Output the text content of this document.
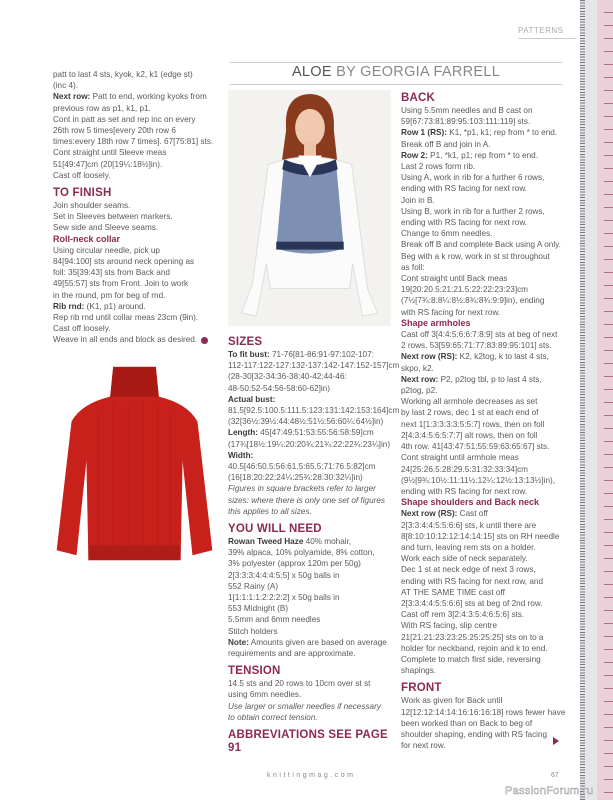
PATTERNS
ALOE BY GEORGIA FARRELL
patt to last 4 sts, kyok, k2, k1 (edge st)
(inc 4).
Next row: Patt to end, working kyoks from
previous row as p1, k1, p1.
Cont in patt as set and rep inc on every
26th row 5 times[every 20th row 6
times:every 18th row 7 times]. 67[75:81] sts.
Cont straight until Sleeve meas
51[49:47]cm (20[19¼:18½]in).
Cast off loosely.
TO FINISH
Join shoulder seams.
Set in Sleeves between markers.
Sew side and Sleeve seams.
Roll-neck collar
Using circular needle, pick up
84[94:100] sts around neck opening as
foll: 35[39:43] sts from Back and
49[55:57] sts from Front. Join to work
in the round, pm for beg of rnd.
Rib rnd: (K1, p1) around.
Rep rib rnd until collar meas 23cm (9in).
Cast off loosely.
Weave in all ends and block as desired.	SIZES
To fit bust: 71-76[81-86:91-97:102-107:
112-117:122-127:132-137:142-147:152-157]cm
(28-30[32-34:36-38:40-42:44-46:
48-50:52-54:56-58:60-62]in)
Actual bust:
81.5[92.5:100.5:111.5:123:131:142:153:164]cm
(32[36½:39½:44:48½:51½:56:60¼:64½]in)
Length: 45[47:49:51:53:55:56:58:59]cm
(17¾[18½:19¼:20:20¾:21¾:22:22¾:23¼]in)
Width:
40.5[46:50.5:56:61.5:65.5:71:76.5:82]cm
(16[18:20:22:24¼:25¾:28:30:32¼]in)
Figures in square brackets refer to larger
sizes: where there is only one set of figures
this applies to all sizes.
YOU WILL NEED
Rowan Tweed Haze 40% mohair,
39% alpaca, 10% polyamide, 8% cotton,
3% polyester (approx 120m per 50g)
2[3:3:3:4:4:4:5:5] x 50g balls in
552 Rainy (A)
1[1:1:1:1:2:2:2:2] x 50g balls in
553 Midnight (B)
5.5mm and 6mm needles
Stitch holders
Note: Amounts given are based on average
requirements and are approximate.
TENSION
14.5 sts and 20 rows to 10cm over st st
using 6mm needles.
Use larger or smaller needles if necessary
to obtain correct tension.
ABBREVIATIONS SEE PAGE 91
BACK
Using 5.5mm needles and B cast on
59[67:73:81:89:95:103:111:119] sts.
Row 1 (RS): K1, *p1, k1; rep from * to end.
Break off B and join in A.
Row 2: P1, *k1, p1; rep from * to end.
Last 2 rows form rib.
Using A, work in rib for a further 6 rows,
ending with RS facing for next row.
Join in B.
Using B, work in rib for a further 2 rows,
ending with RS facing for next row.
Change to 6mm needles.
Break off B and complete Back using A only.
Beg with a k row, work in st st throughout
as foll:
Cont straight until Back meas
19[20:20.5:21:21.5:22:22:23:23]cm
(7½[7¾:8:8¼:8½:8¾:8¾:9:9]in), ending
with RS facing for next row.
Shape armholes
Cast off 3[4:4:5:6:6:7:8:9] sts at beg of next
2 rows. 53[59:65:71:77:83:89:95:101] sts.
Next row (RS): K2, k2tog, k to last 4 sts,
skpo, k2.
Next row: P2, p2tog tbl, p to last 4 sts,
p2tog, p2.
Working all armhole decreases as set
by last 2 rows, dec 1 st at each end of
next 1[1:3:3:3:3:5:5:7] rows, then on foll
2[4:3:4:5:6:5:7:7] alt rows, then on foll
4th row. 41[43:47:51:55:59:63:65:67] sts.
Cont straight until armhole meas
24[25:26.5:28:29.5:31:32:33:34]cm
(9½[9¾:10½:11:11½:12¼:12½:13:13½]in),
ending with RS facing for next row.
Shape shoulders and Back neck
Next row (RS): Cast off
2[3:3:4:4:5:5:6:6] sts, k until there are
8[8:10:10:12:12:14:14:15] sts on RH needle
and turn, leaving rem sts on a holder.
Work each side of neck separately.
Dec 1 st at neck edge of next 3 rows,
ending with RS facing for next row, and
AT THE SAME TIME cast off
2[3:3:4:4:5:5:6:6] sts at beg of 2nd row.
Cast off rem 3[2:4:3:5:4:6:5:6] sts.
With RS facing, slip centre
21[21:21:23:23:25:25:25:25] sts on to a
holder for neckband, rejoin and k to end.
Complete to match first side, reversing
shapings.
FRONT
Work as given for Back until
12[12:12:14:14:16:16:16:18] rows fewer have
been worked than on Back to beg of
shoulder shaping, ending with RS facing
for next row.
knittingmag.com	67
PassionForum.ru
